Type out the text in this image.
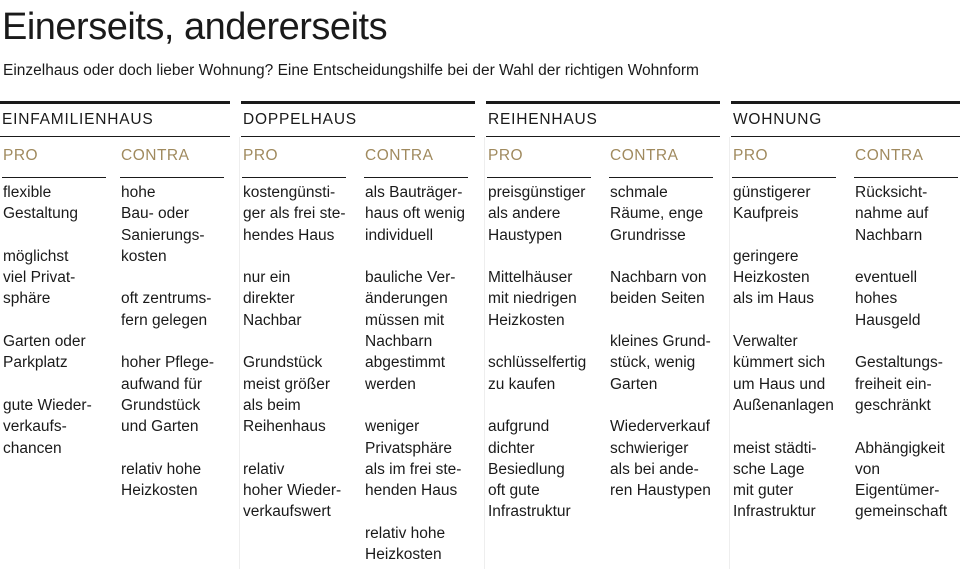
Einerseits, andererseits
Einzelhaus oder doch lieber Wohnung? Eine Entscheidungshilfe bei der Wahl der richtigen Wohnform
EINFAMILIENHAUS
PRO
flexible
Gestaltung
möglichst
viel Privat-
sphäre
Garten oder
Parkplatz
gute Wieder-
verkaufs-
chancen
CONTRA
hohe
Bau- oder
Sanierungs-
kosten
oft zentrums-
fern gelegen
hoher Pflege-
aufwand für
Grundstück
und Garten
relativ hohe
Heizkosten
DOPPELHAUS
PRO
kostengünsti-
ger als frei ste-
hendes Haus
nur ein
direkter
Nachbar
Grundstück
meist größer
als beim
Reihenhaus
relativ
hoher Wieder-
verkaufswert
CONTRA
als Bauträger-
haus oft wenig
individuell
bauliche Ver-
änderungen
müssen mit
Nachbarn
abgestimmt
werden
weniger
Privatsphäre
als im frei ste-
henden Haus
relativ hohe
Heizkosten
REIHENHAUS
PRO
preisgünstiger
als andere
Haustypen
Mittelhäuser
mit niedrigen
Heizkosten
schlüsselfertig
zu kaufen
aufgrund
dichter
Besiedlung
oft gute
Infrastruktur
CONTRA
schmale
Räume, enge
Grundrisse
Nachbarn von
beiden Seiten
kleines Grund-
stück, wenig
Garten
Wiederverkauf
schwieriger
als bei ande-
ren Haustypen
WOHNUNG
PRO
günstigerer
Kaufpreis
geringere
Heizkosten
als im Haus
Verwalter
kümmert sich
um Haus und
Außenanlagen
meist städti-
sche Lage
mit guter
Infrastruktur
CONTRA
Rücksicht-
nahme auf
Nachbarn
eventuell
hohes
Hausgeld
Gestaltungs-
freiheit ein-
geschränkt
Abhängigkeit
von
Eigentümer-
gemeinschaft
